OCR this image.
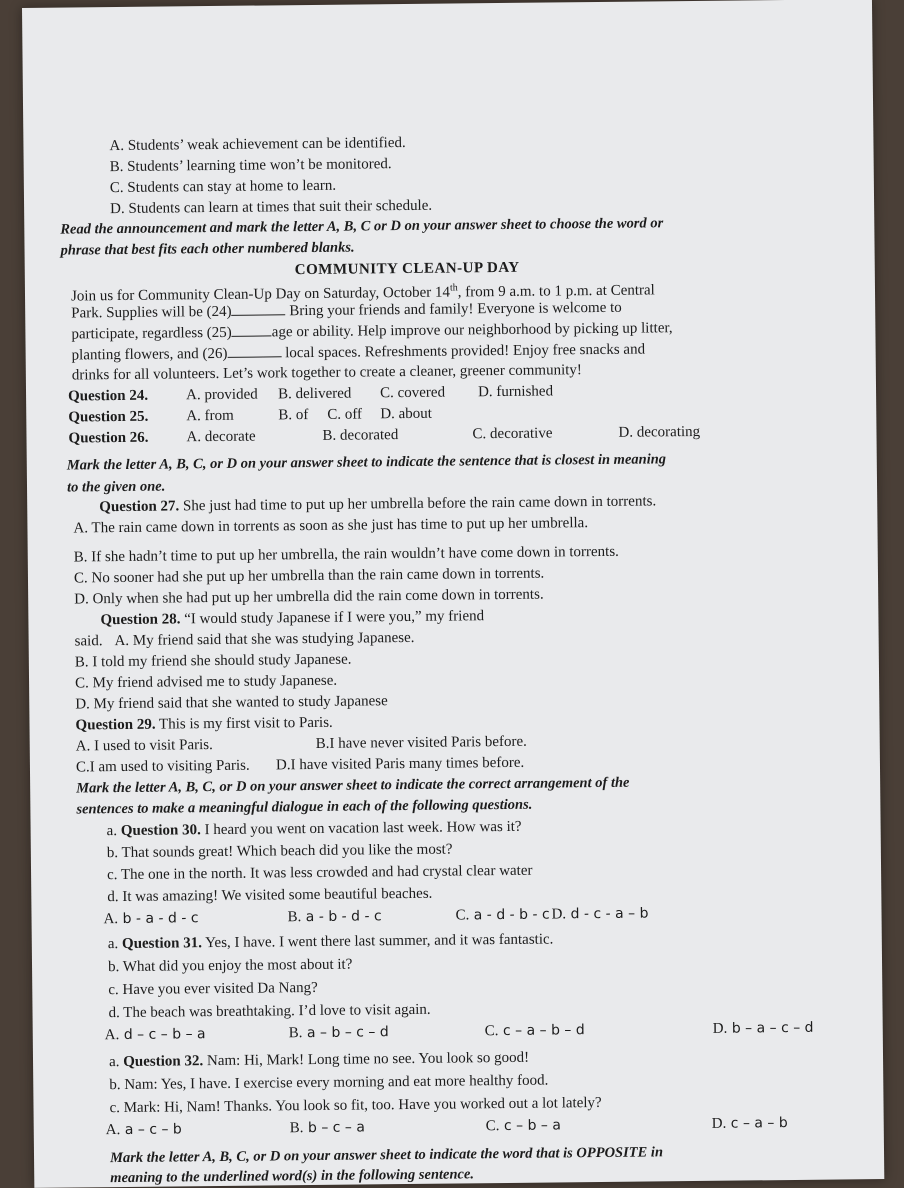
A. Students’ weak achievement can be identified.
B. Students’ learning time won’t be monitored.
C. Students can stay at home to learn.
D. Students can learn at times that suit their schedule.
Read the announcement and mark the letter A, B, C or D on your answer sheet to choose the word or
phrase that best fits each other numbered blanks.
COMMUNITY CLEAN-UP DAY
Join us for Community Clean-Up Day on Saturday, October 14th, from 9 a.m. to 1 p.m. at Central
Park. Supplies will be (24)	Bring your friends and family! Everyone is welcome to
participate, regardless (25)	age or ability. Help improve our neighborhood by picking up litter,
planting flowers, and (26)	local spaces. Refreshments provided! Enjoy free snacks and
drinks for all volunteers. Let’s work together to create a cleaner, greener community!
Question 24.	A. provided B. delivered C. covered D. furnished
Question 25.	A. from	B. of C. off D. about
Question 26.	A. decorate	B. decorated	C. decorative	D. decorating
Mark the letter A, B, C, or D on your answer sheet to indicate the sentence that is closest in meaning
to the given one.
Question 27. She just had time to put up her umbrella before the rain came down in torrents.
A. The rain came down in torrents as soon as she just has time to put up her umbrella.
B. If she hadn’t time to put up her umbrella, the rain wouldn’t have come down in torrents.
C. No sooner had she put up her umbrella than the rain came down in torrents.
D. Only when she had put up her umbrella did the rain come down in torrents.
Question 28. “I would study Japanese if I were you,” my friend
said. A. My friend said that she was studying Japanese.
B. I told my friend she should study Japanese.
C. My friend advised me to study Japanese.
D. My friend said that she wanted to study Japanese
Question 29. This is my first visit to Paris.
A. I used to visit Paris.	B.I have never visited Paris before.
C.I am used to visiting Paris. D.I have visited Paris many times before.
Mark the letter A, B, C, or D on your answer sheet to indicate the correct arrangement of the
sentences to make a meaningful dialogue in each of the following questions.
a. Question 30. I heard you went on vacation last week. How was it?
b. That sounds great! Which beach did you like the most?
c. The one in the north. It was less crowded and had crystal clear water
d. It was amazing! We visited some beautiful beaches.
A. b - a - d - c	B. a - b - d - c	C. a - d - b - c D. d - c - a – b
a. Question 31. Yes, I have. I went there last summer, and it was fantastic.
b. What did you enjoy the most about it?
c. Have you ever visited Da Nang?
d. The beach was breathtaking. I’d love to visit again.
A. d – c – b – a	B. a – b – c – d	C. c – a – b – d	D. b – a – c – d
a. Question 32. Nam: Hi, Mark! Long time no see. You look so good!
b. Nam: Yes, I have. I exercise every morning and eat more healthy food.
c. Mark: Hi, Nam! Thanks. You look so fit, too. Have you worked out a lot lately?
A. a – c – b	B. b – c – a	C. c – b – a	D. c – a – b
Mark the letter A, B, C, or D on your answer sheet to indicate the word that is OPPOSITE in
meaning to the underlined word(s) in the following sentence.
